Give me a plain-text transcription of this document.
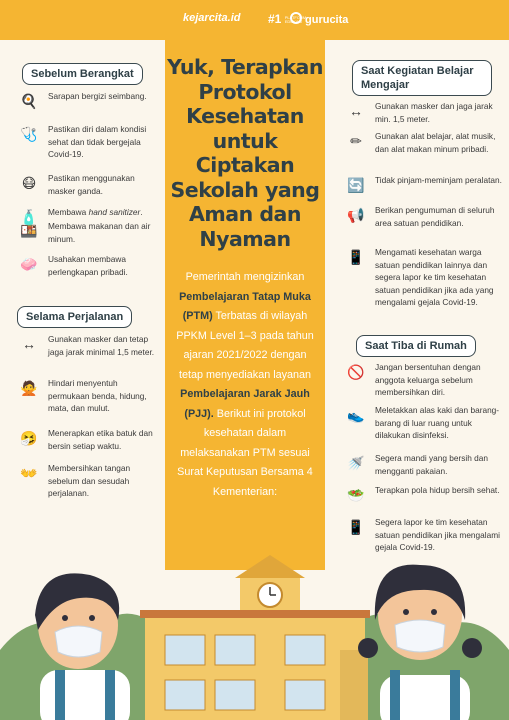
kejarcita.id #1 PLATFORM EDUKASI gurucita
Yuk, Terapkan Protokol Kesehatan untuk Ciptakan Sekolah yang Aman dan Nyaman
Pemerintah mengizinkan Pembelajaran Tatap Muka (PTM) Terbatas di wilayah PPKM Level 1–3 pada tahun ajaran 2021/2022 dengan tetap menyediakan layanan Pembelajaran Jarak Jauh (PJJ). Berikut ini protokol kesehatan dalam melaksanakan PTM sesuai Surat Keputusan Bersama 4 Kementerian:
Sebelum Berangkat
🍳 Sarapan bergizi seimbang.
🩺 Pastikan diri dalam kondisi sehat dan tidak bergejala Covid-19.
😷	Pastikan menggunakan masker ganda.
🧴 Membawa hand sanitizer.
🍱 Membawa makanan dan air minum.
🧼 Usahakan membawa perlengkapan pribadi.
Selama Perjalanan
↔	Gunakan masker dan tetap jaga jarak minimal 1,5 meter.
🙅 Hindari menyentuh permukaan benda, hidung, mata, dan mulut.
🤧 Menerapkan etika batuk dan bersin setiap waktu.
👐 Membersihkan tangan sebelum dan sesudah perjalanan.
Saat Kegiatan Belajar Mengajar
↔	Gunakan masker dan jaga jarak min. 1,5 meter.
✏	Gunakan alat belajar, alat musik, dan alat makan minum pribadi.
🔄 Tidak pinjam-meminjam peralatan.
📢 Berikan pengumuman di seluruh area satuan pendidikan.
📱 Mengamati kesehatan warga satuan pendidikan lainnya dan segera lapor ke tim kesehatan satuan pendidikan jika ada yang mengalami gejala Covid-19.
Saat Tiba di Rumah
🚫 Jangan bersentuhan dengan anggota keluarga sebelum membersihkan diri.
👟 Meletakkan alas kaki dan barang-barang di luar ruang untuk dilakukan disinfeksi.
🚿 Segera mandi yang bersih dan mengganti pakaian.
🥗 Terapkan pola hidup bersih sehat.
📱 Segera lapor ke tim kesehatan satuan pendidikan jika mengalami gejala Covid-19.
